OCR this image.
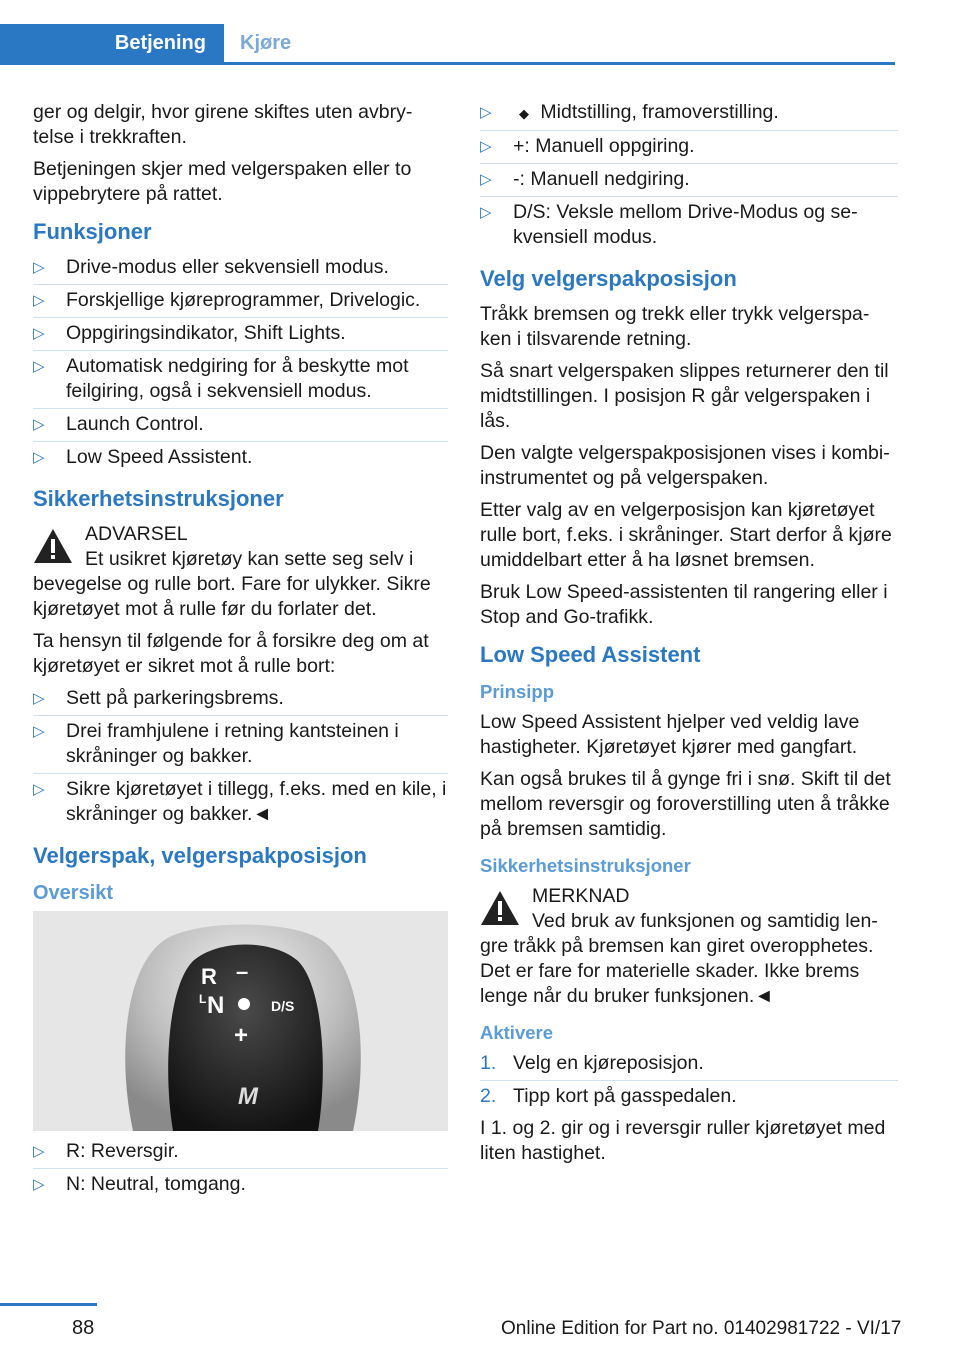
Betjening Kjøre

ger og delgir, hvor girene skiftes uten avbry-telse i trekkraften.

Betjeningen skjer med velgerspaken eller to vippebrytere på rattet.

Funksjoner
▷ Drive-modus eller sekvensiell modus.
▷ Forskjellige kjøreprogrammer, Drivelogic.
▷ Oppgiringsindikator, Shift Lights.
▷ Automatisk nedgiring for å beskytte mot feilgiring, også i sekvensiell modus.
▷ Launch Control.
▷ Low Speed Assistent.
Sikkerhetsinstruksjoner
ADVARSEL
Et usikret kjøretøy kan sette seg selv i bevegelse og rulle bort. Fare for ulykker. Sikre kjøretøyet mot å rulle før du forlater det.

Ta hensyn til følgende for å forsikre deg om at kjøretøyet er sikret mot å rulle bort:

▷ Sett på parkeringsbrems.
▷ Drei framhjulene i retning kantsteinen i skråninger og bakker.
▷ Sikre kjøretøyet i tillegg, f.eks. med en kile, i skråninger og bakker.◄
Velgerspak, velgerspakposisjon
Oversikt
R –
L N	D/S
+
M
▷ R: Reversgir.
▷ N: Neutral, tomgang.
▷ ◆ Midtstilling, framoverstilling.
▷ +: Manuell oppgiring.
▷ -: Manuell nedgiring.
▷ D/S: Veksle mellom Drive-Modus og se-kvensiell modus.
Velg velgerspakposisjon

Tråkk bremsen og trekk eller trykk velgerspa-ken i tilsvarende retning.

Så snart velgerspaken slippes returnerer den til midtstillingen. I posisjon R går velgerspaken i lås.

Den valgte velgerspakposisjonen vises i kombi-instrumentet og på velgerspaken.

Etter valg av en velgerposisjon kan kjøretøyet rulle bort, f.eks. i skråninger. Start derfor å kjøre umiddelbart etter å ha løsnet bremsen.

Bruk Low Speed-assistenten til rangering eller i Stop and Go-trafikk.

Low Speed Assistent
Prinsipp

Low Speed Assistent hjelper ved veldig lave hastigheter. Kjøretøyet kjører med gangfart.

Kan også brukes til å gynge fri i snø. Skift til det mellom reversgir og foroverstilling uten å tråkke på bremsen samtidig.

Sikkerhetsinstruksjoner
MERKNAD
Ved bruk av funksjonen og samtidig len-gre tråkk på bremsen kan giret overopphetes. Det er fare for materielle skader. Ikke brems lenge når du bruker funksjonen.◄
Aktivere
1. Velg en kjøreposisjon.
2. Tipp kort på gasspedalen.

I 1. og 2. gir og i reversgir ruller kjøretøyet med liten hastighet.

88	Online Edition for Part no. 01402981722 - VI/17
